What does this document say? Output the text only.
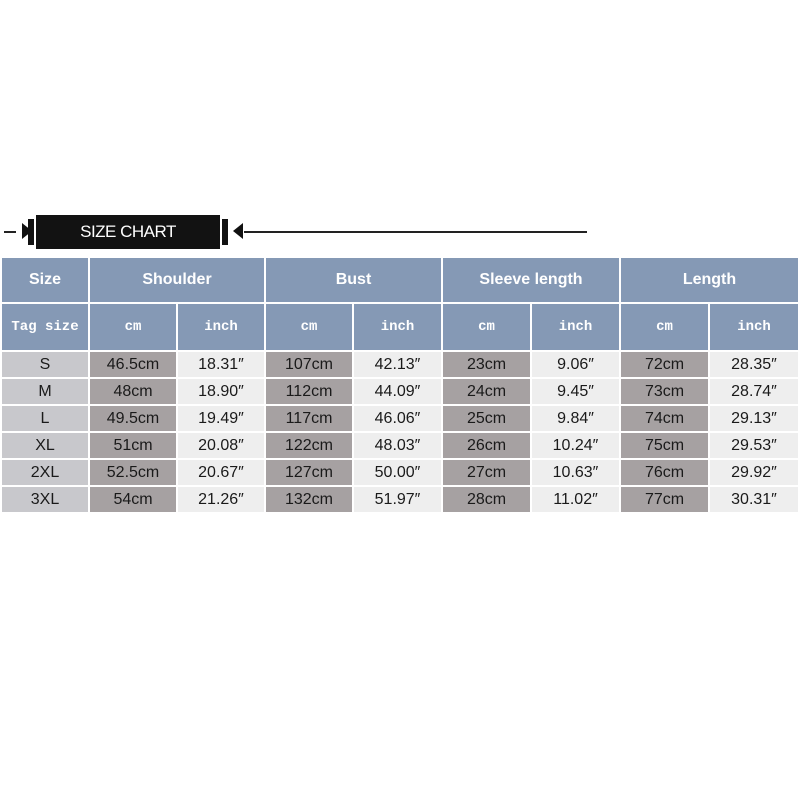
SIZE CHART
Size	Shoulder		Bust		Sleeve length		Length	
Tag size	cm	inch	cm	inch	cm	inch	cm	inch
S	46.5cm	18.31″	107cm	42.13″	23cm	9.06″	72cm	28.35″
M	48cm	18.90″	112cm	44.09″	24cm	9.45″	73cm	28.74″
L	49.5cm	19.49″	117cm	46.06″	25cm	9.84″	74cm	29.13″
XL	51cm	20.08″	122cm	48.03″	26cm	10.24″	75cm	29.53″
2XL	52.5cm	20.67″	127cm	50.00″	27cm	10.63″	76cm	29.92″
3XL	54cm	21.26″	132cm	51.97″	28cm	11.02″	77cm	30.31″
